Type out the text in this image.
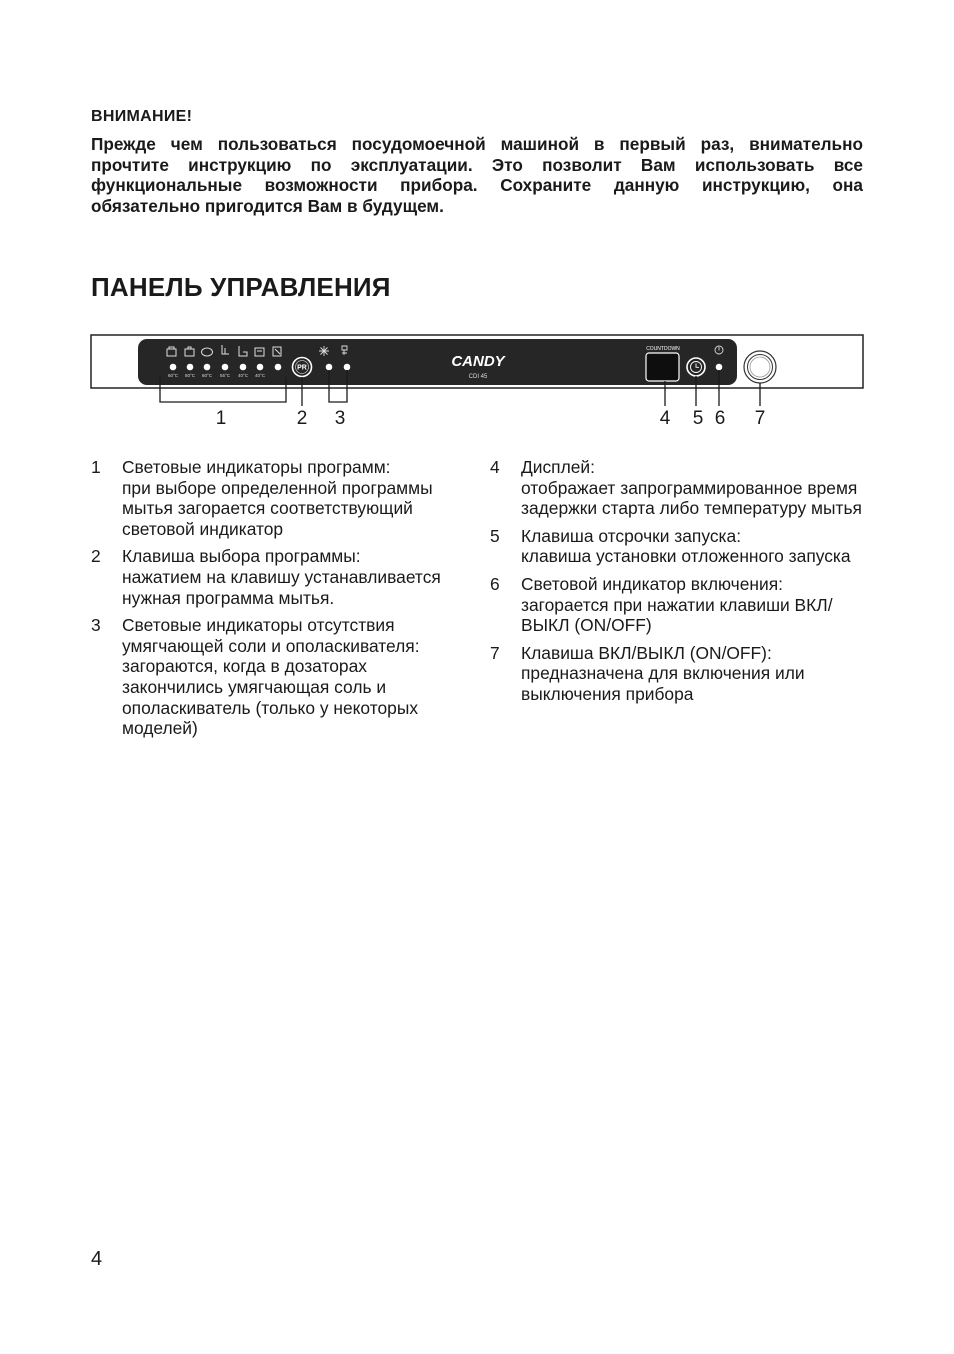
ВНИМАНИЕ!

Прежде чем пользоваться посудомоечной машиной в первый раз, внимательно прочтите инструкцию по эксплуатации. Это позволит Вам использовать все функциональные возможности прибора. Сохраните данную инструкцию, она обязательно пригодится Вам в будущем.

ПАНЕЛЬ УПРАВЛЕНИЯ
60°C 50°C 60°C 55°C 40°C 40°C
PR	CANDY
CDI 45
COUNTDOWN
1	2 3	4 5 6 7
1	Световые индикаторы программ:
при выборе определенной программы мытья загорается соответствующий световой индикатор
2	Клавиша выбора программы:
нажатием на клавишу устанавливается нужная программа мытья.
3	Световые индикаторы отсутствия умягчающей соли и ополаскивателя:
загораются, когда в дозаторах закончились умягчающая соль и ополаскиватель (только у некоторых моделей)
4	Дисплей:
отображает запрограммированное время задержки старта либо температуру мытья
5	Клавиша отсрочки запуска:
клавиша установки отложенного запуска
6	Световой индикатор включения:
загорается при нажатии клавиши ВКЛ/ВЫКЛ (ON/OFF)
7	Клавиша ВКЛ/ВЫКЛ (ON/OFF):
предназначена для включения или выключения прибора
4
